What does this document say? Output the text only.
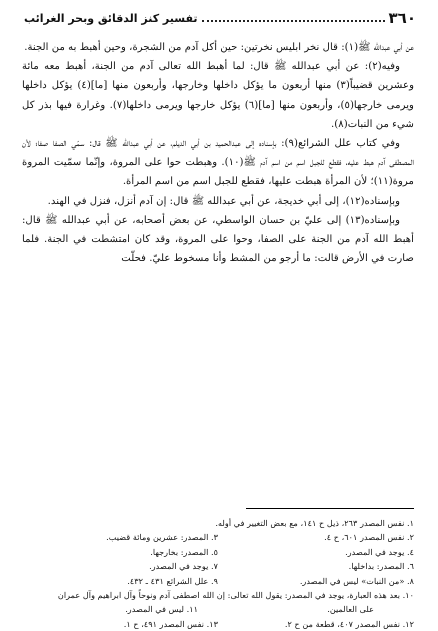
٣٦٠
تفسير كنز الدقائق وبحر الغرائب

عن أبي عبدالله ﷺ(١): قال نخر ابليس نخرتين: حين أكل آدم من الشجرة، وحين أهبط به من الجنة.

وفيه(٢): عن أبي عبدالله ﷺ قال: لما أهبط الله تعالى آدم من الجنة، أهبط معه مائة وعشرين قضيباً(٣) منها أربعون ما يؤكل داخلها وخارجها، وأربعون منها [ما](٤) يؤكل داخلها ويرمى خارجها(٥)، وأربعون منها [ما](٦) يؤكل خارجها ويرمى داخلها(٧). وغرارة فيها بذر كل شيء من النبات(٨).

وفي كتاب علل الشرائع(٩): بإسناده إلى عبدالحميد بن أبي الديلم، عن أبي عبدالله ﷺ قال: سمّي الصفا صفا؛ لأن المصطفى آدم هبط عليه، فقطع للجبل اسم من اسم آدم ﷺ(١٠). وهبطت حوا على المروة، وإنّما سمّيت المروة مروة(١١)؛ لأن المرأة هبطت عليها، فقطع للجبل اسم من اسم المرأة.

وبإسناده(١٢)، إلى أبي خديجة، عن أبي عبدالله ﷺ قال: إن آدم أنزل، فنزل في الهند.

وبإسناده(١٣) إلى عليّ بن حسان الواسطي، عن بعض أصحابه، عن أبي عبدالله ﷺ قال: أهبط الله آدم من الجنة على الصفا، وحوا على المروة، وقد كان امتشطت في الجنة. فلما صارت في الأرض قالت: ما أرجو من المشط وأنا مسخوط عليّ. فحلّت

١. نفس المصدر ٢٦٣، ذيل ح ١٤١، مع بعض التغيير في أوله.
٢. نفس المصدر ٦٠١، ح ٤.
٣. المصدر: عشرين ومائة قضيب.
٤. يوجد في المصدر.
٥. المصدر: بخارجها.
٦. المصدر: بداخلها.
٧. يوجد في المصدر.
٨. «من النبات» ليس في المصدر.
٩. علل الشرائع ٤٣١ ـ ٤٣٢.
١٠. بعد هذه العبارة، يوجد في المصدر: يقول الله تعالى: إن الله اصطفى آدم ونوحاً وآل ابراهيم وآل عمران
على العالمين.
١١. ليس في المصدر.
١٢. نفس المصدر ٤٠٧، قطعة من ح ٢.
١٣. نفس المصدر ٤٩١، ح ١.
